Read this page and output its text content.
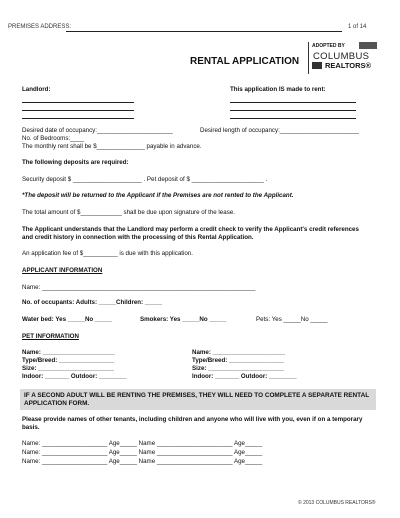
PREMISES ADDRESS:	1 of 14
RENTAL APPLICATION
ADOPTED BY
COLUMBUS
REALTORS®
Landlord:	This application IS made to rent:
Desired date of occupancy:______________________	Desired length of occupancy:_______________________
No. of Bedrooms:____
The monthly rent shall be $______________ payable in advance.
The following deposits are required:
Security deposit $ ____________________ . Pet deposit of $ _____________________ .
*The deposit will be returned to the Applicant if the Premises are not rented to the Applicant.
The total amount of $____________ shall be due upon signature of the lease.
The Applicant understands that the Landlord may perform a credit check to verify the Applicant's credit references and credit history in connection with the processing of this Rental Application.
An application fee of $__________ is due with this application.
APPLICANT INFORMATION
Name: ______________________________________________________________
No. of occupants: Adults: _____Children: _____
Water bed: Yes _____No _____	Smokers: Yes _____No _____	Pets: Yes _____No _____
PET INFORMATION
Name: _____________________
Type/Breed: ________________
Size: ______________________
Indoor: _______ Outdoor: ________
Name: _____________________
Type/Breed: ________________
Size: ______________________
Indoor: _______ Outdoor: ________
IF A SECOND ADULT WILL BE RENTING THE PREMISES, THEY WILL NEED TO COMPLETE A SEPARATE RENTAL APPLICATION FORM.
Please provide names of other tenants, including children and anyone who will live with you, even if on a temporary basis.
Name: ___________________ Age_____ Name ______________________ Age_____
Name: ___________________ Age_____ Name ______________________ Age_____
Name: ___________________ Age_____ Name ______________________ Age_____
© 2013 COLUMBUS REALTORS®
